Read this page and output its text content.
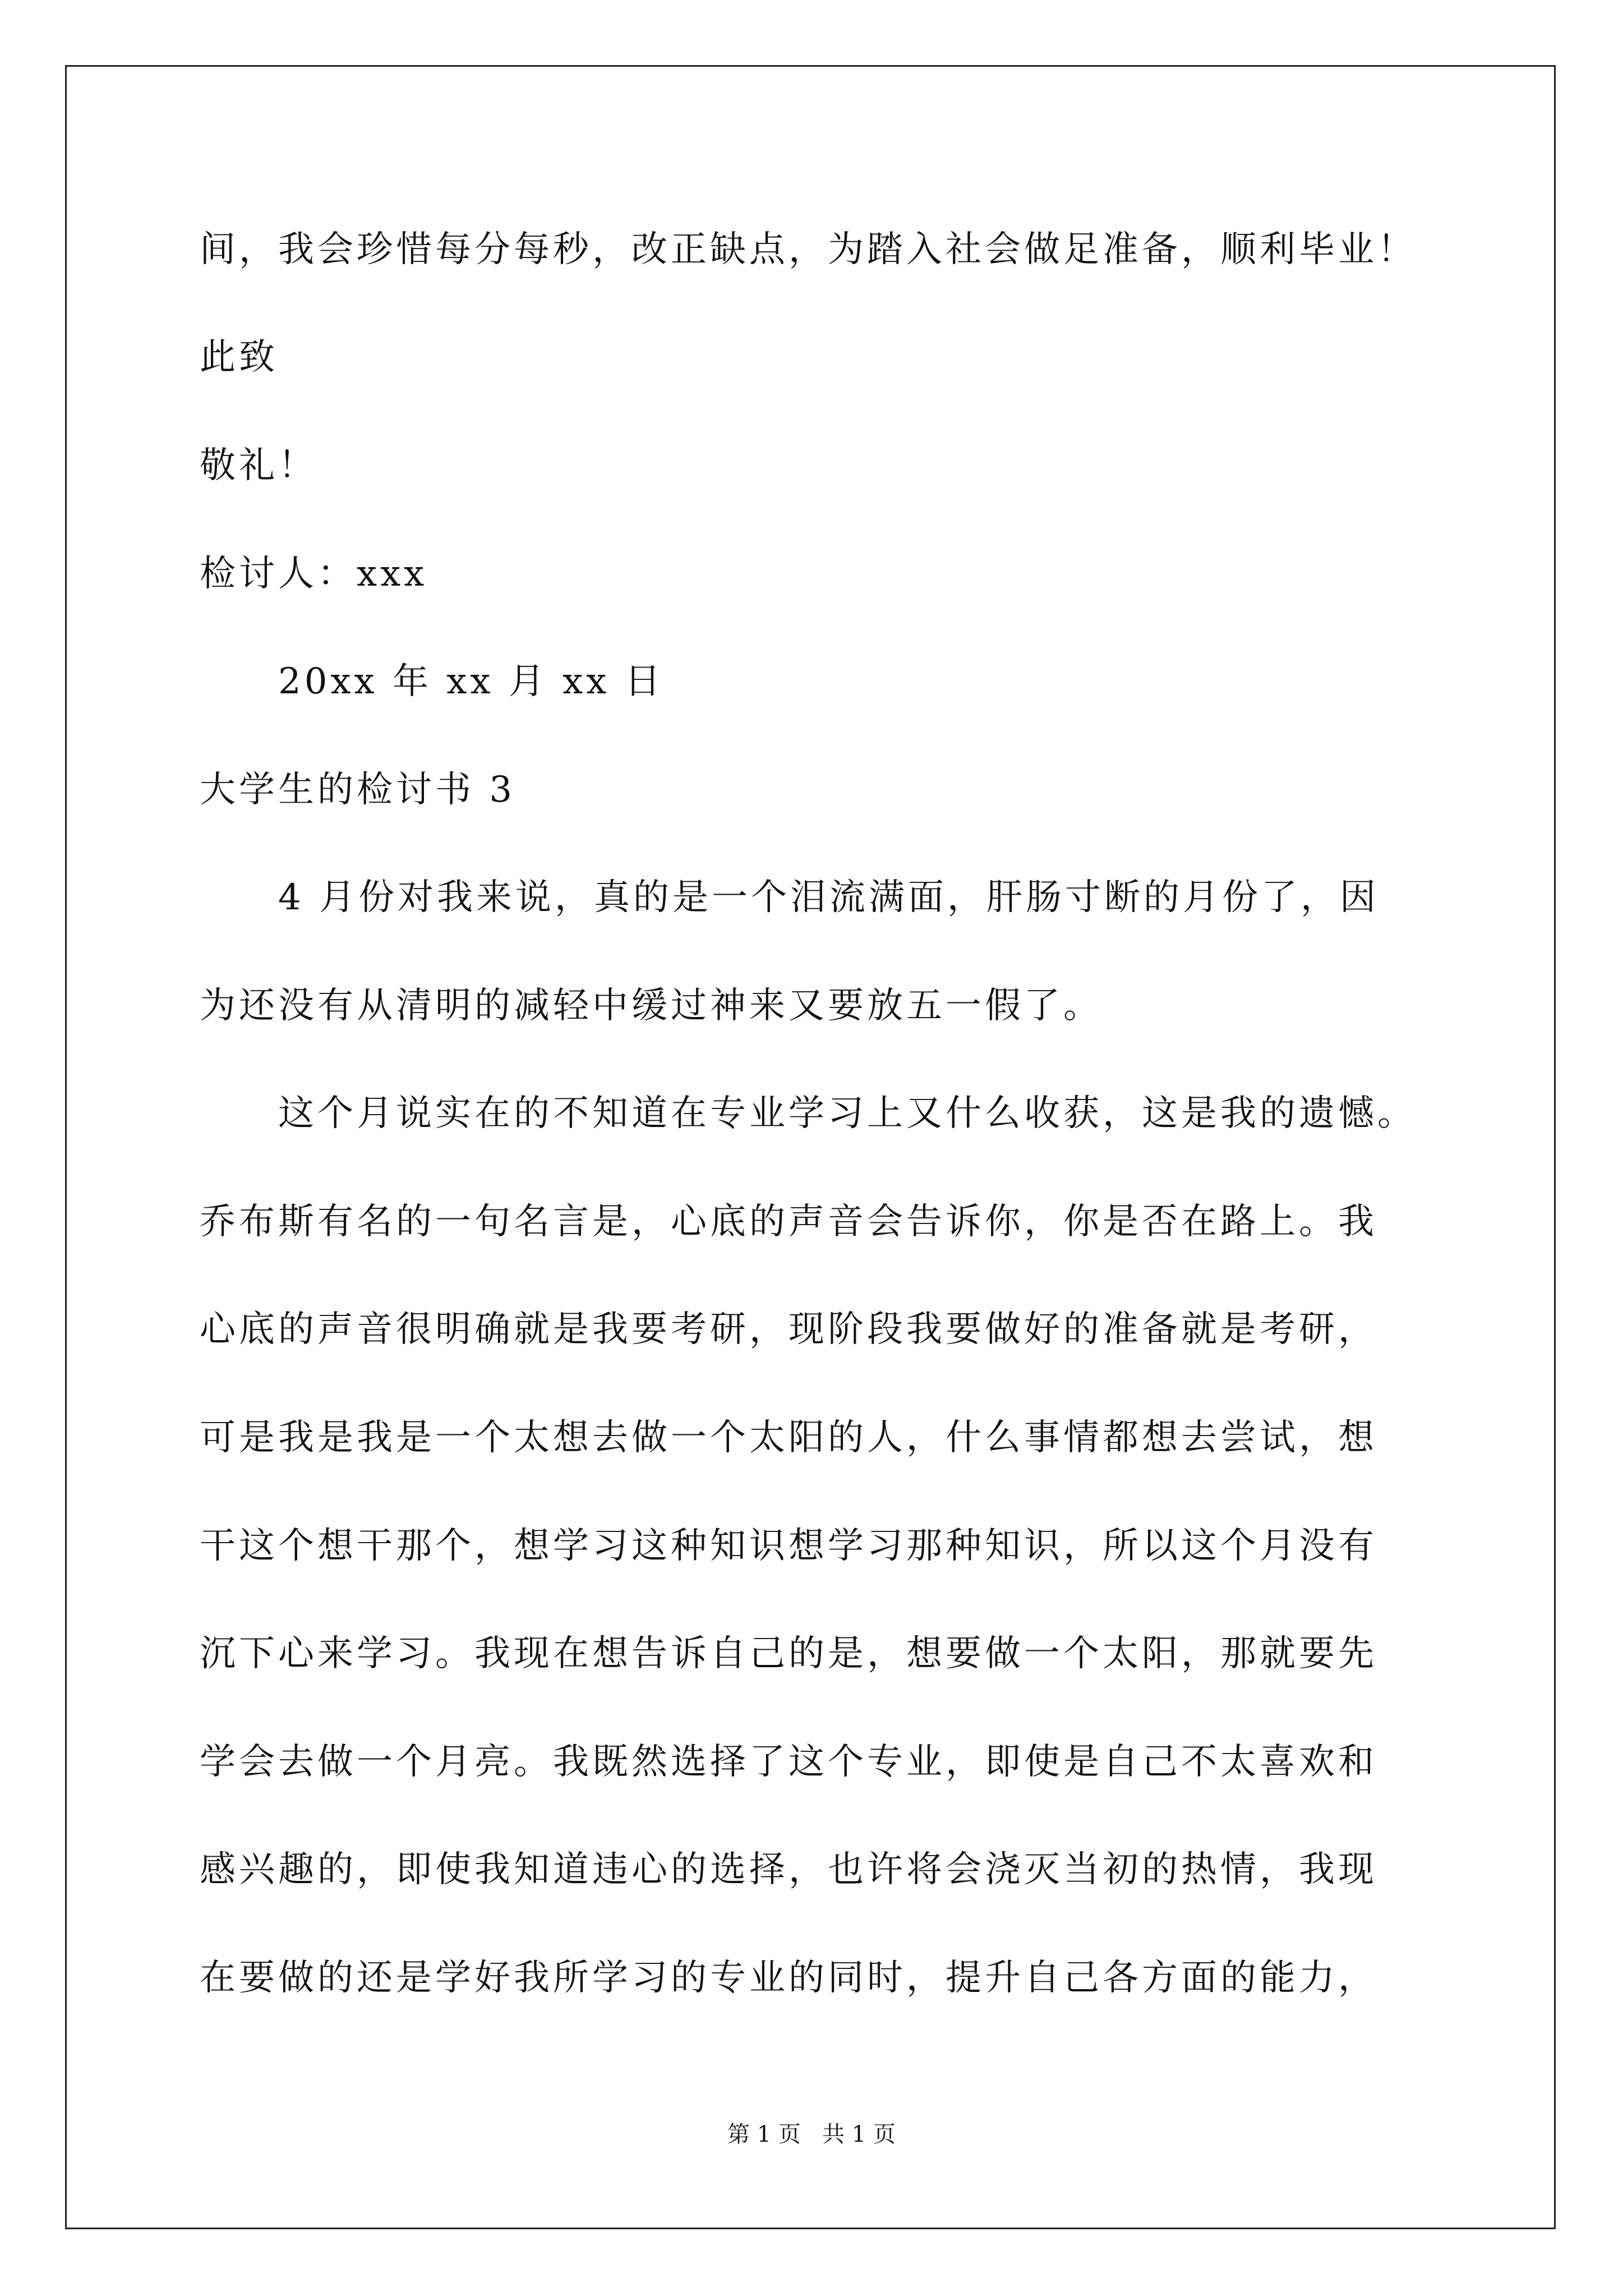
间，我会珍惜每分每秒，改正缺点，为踏入社会做足准备，顺利毕业！
此致
敬礼！
检讨人：xxx
20xx 年 xx 月 xx 日
大学生的检讨书 3
4 月份对我来说，真的是一个泪流满面，肝肠寸断的月份了，因
为还没有从清明的减轻中缓过神来又要放五一假了。
这个月说实在的不知道在专业学习上又什么收获，这是我的遗憾。
乔布斯有名的一句名言是，心底的声音会告诉你，你是否在路上。我
心底的声音很明确就是我要考研，现阶段我要做好的准备就是考研，
可是我是我是一个太想去做一个太阳的人，什么事情都想去尝试，想
干这个想干那个，想学习这种知识想学习那种知识，所以这个月没有
沉下心来学习。我现在想告诉自己的是，想要做一个太阳，那就要先
学会去做一个月亮。我既然选择了这个专业，即使是自己不太喜欢和
感兴趣的，即使我知道违心的选择，也许将会浇灭当初的热情，我现
在要做的还是学好我所学习的专业的同时，提升自己各方面的能力，
第 1 页   共 1 页
